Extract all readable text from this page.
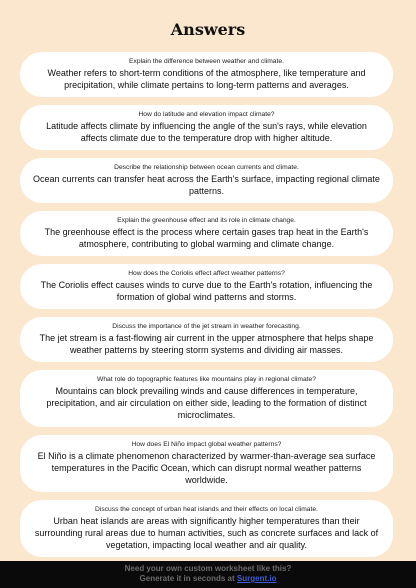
Answers
Explain the difference between weather and climate.
Weather refers to short-term conditions of the atmosphere, like temperature and precipitation, while climate pertains to long-term patterns and averages.
How do latitude and elevation impact climate?
Latitude affects climate by influencing the angle of the sun's rays, while elevation affects climate due to the temperature drop with higher altitude.
Describe the relationship between ocean currents and climate.
Ocean currents can transfer heat across the Earth's surface, impacting regional climate patterns.
Explain the greenhouse effect and its role in climate change.
The greenhouse effect is the process where certain gases trap heat in the Earth's atmosphere, contributing to global warming and climate change.
How does the Coriolis effect affect weather patterns?
The Coriolis effect causes winds to curve due to the Earth's rotation, influencing the formation of global wind patterns and storms.
Discuss the importance of the jet stream in weather forecasting.
The jet stream is a fast-flowing air current in the upper atmosphere that helps shape weather patterns by steering storm systems and dividing air masses.
What role do topographic features like mountains play in regional climate?
Mountains can block prevailing winds and cause differences in temperature, precipitation, and air circulation on either side, leading to the formation of distinct microclimates.
How does El Niño impact global weather patterns?
El Niño is a climate phenomenon characterized by warmer-than-average sea surface temperatures in the Pacific Ocean, which can disrupt normal weather patterns worldwide.
Discuss the concept of urban heat islands and their effects on local climate.
Urban heat islands are areas with significantly higher temperatures than their surrounding rural areas due to human activities, such as concrete surfaces and lack of vegetation, impacting local weather and air quality.
Need your own custom worksheet like this?
Generate it in seconds at Surgent.io
